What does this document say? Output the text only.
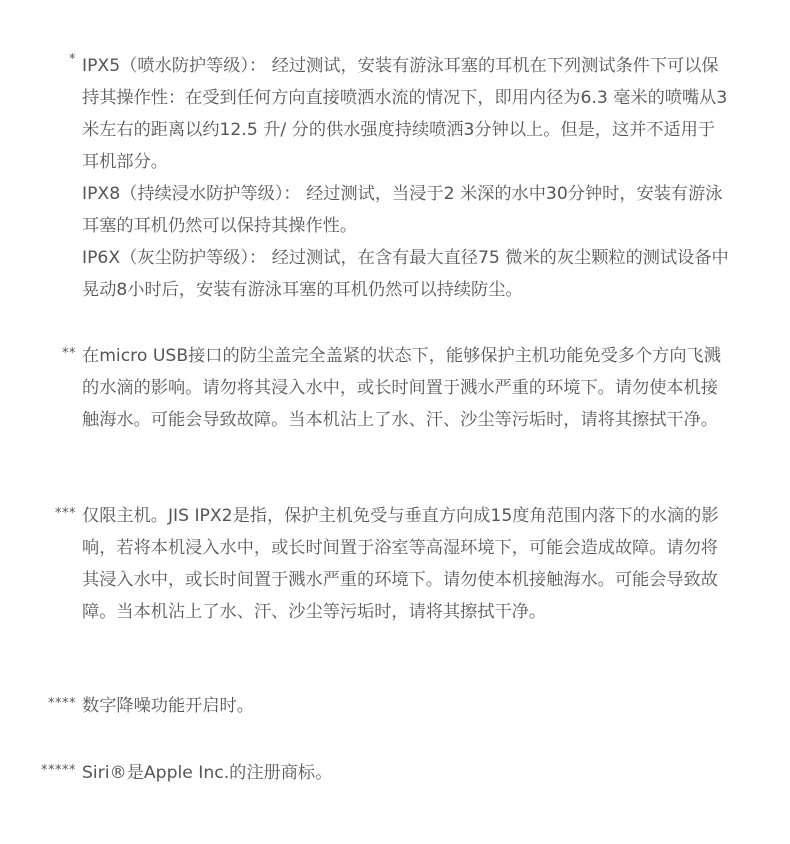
* IPX5（喷水防护等级）： 经过测试，安装有游泳耳塞的耳机在下列测试条件下可以保持其操作性：在受到任何方向直接喷洒水流的情况下，即用内径为6.3 毫米的喷嘴从3 米左右的距离以约12.5 升/ 分的供水强度持续喷洒3分钟以上。但是，这并不适用于耳机部分。

IPX8（持续浸水防护等级）： 经过测试，当浸于2 米深的水中30分钟时，安装有游泳耳塞的耳机仍然可以保持其操作性。

IP6X（灰尘防护等级）： 经过测试，在含有最大直径75 微米的灰尘颗粒的测试设备中晃动8小时后，安装有游泳耳塞的耳机仍然可以持续防尘。

** 在micro USB接口的防尘盖完全盖紧的状态下，能够保护主机功能免受多个方向飞溅的水滴的影响。请勿将其浸入水中，或长时间置于溅水严重的环境下。请勿使本机接触海水。可能会导致故障。当本机沾上了水、汗、沙尘等污垢时，请将其擦拭干净。

*** 仅限主机。JIS IPX2是指，保护主机免受与垂直方向成15度角范围内落下的水滴的影响，若将本机浸入水中，或长时间置于浴室等高湿环境下，可能会造成故障。请勿将其浸入水中，或长时间置于溅水严重的环境下。请勿使本机接触海水。可能会导致故障。当本机沾上了水、汗、沙尘等污垢时，请将其擦拭干净。

**** 数字降噪功能开启时。

***** Siri®是Apple Inc.的注册商标。
